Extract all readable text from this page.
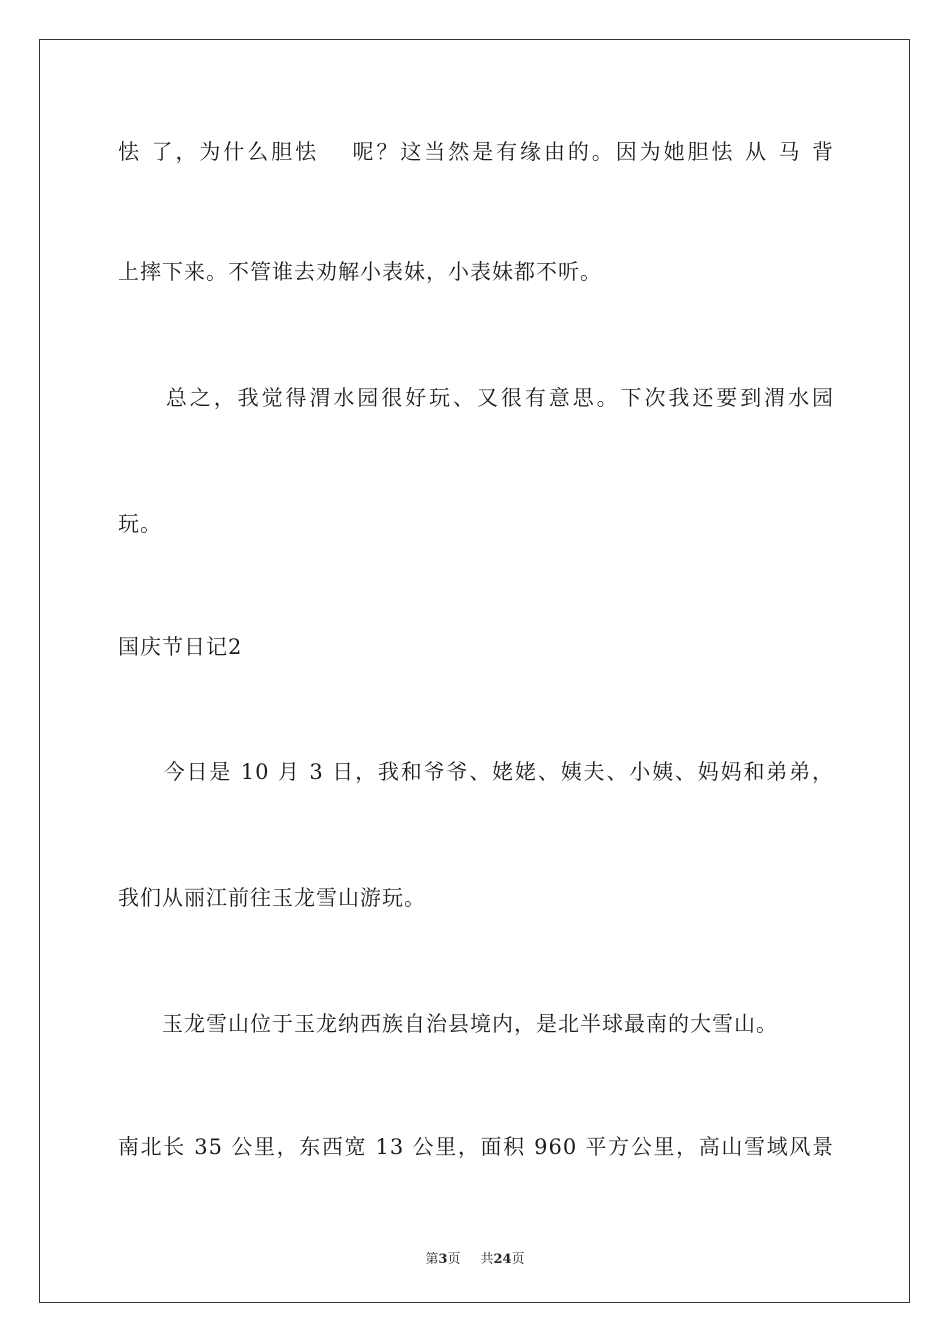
怯 了，为什么胆怯　 呢？这当然是有缘由的。因为她胆怯 从 马 背
上摔下来。不管谁去劝解小表妹，小表妹都不听。
　　总之，我觉得渭水园很好玩、又很有意思。下次我还要到渭水园
玩。
国庆节日记2
　　今日是 10 月 3 日，我和爷爷、姥姥、姨夫、小姨、妈妈和弟弟，
我们从丽江前往玉龙雪山游玩。
　　玉龙雪山位于玉龙纳西族自治县境内，是北半球最南的大雪山。
南北长 35 公里，东西宽 13 公里，面积 960 平方公里，高山雪域风景
第3页 共24页
